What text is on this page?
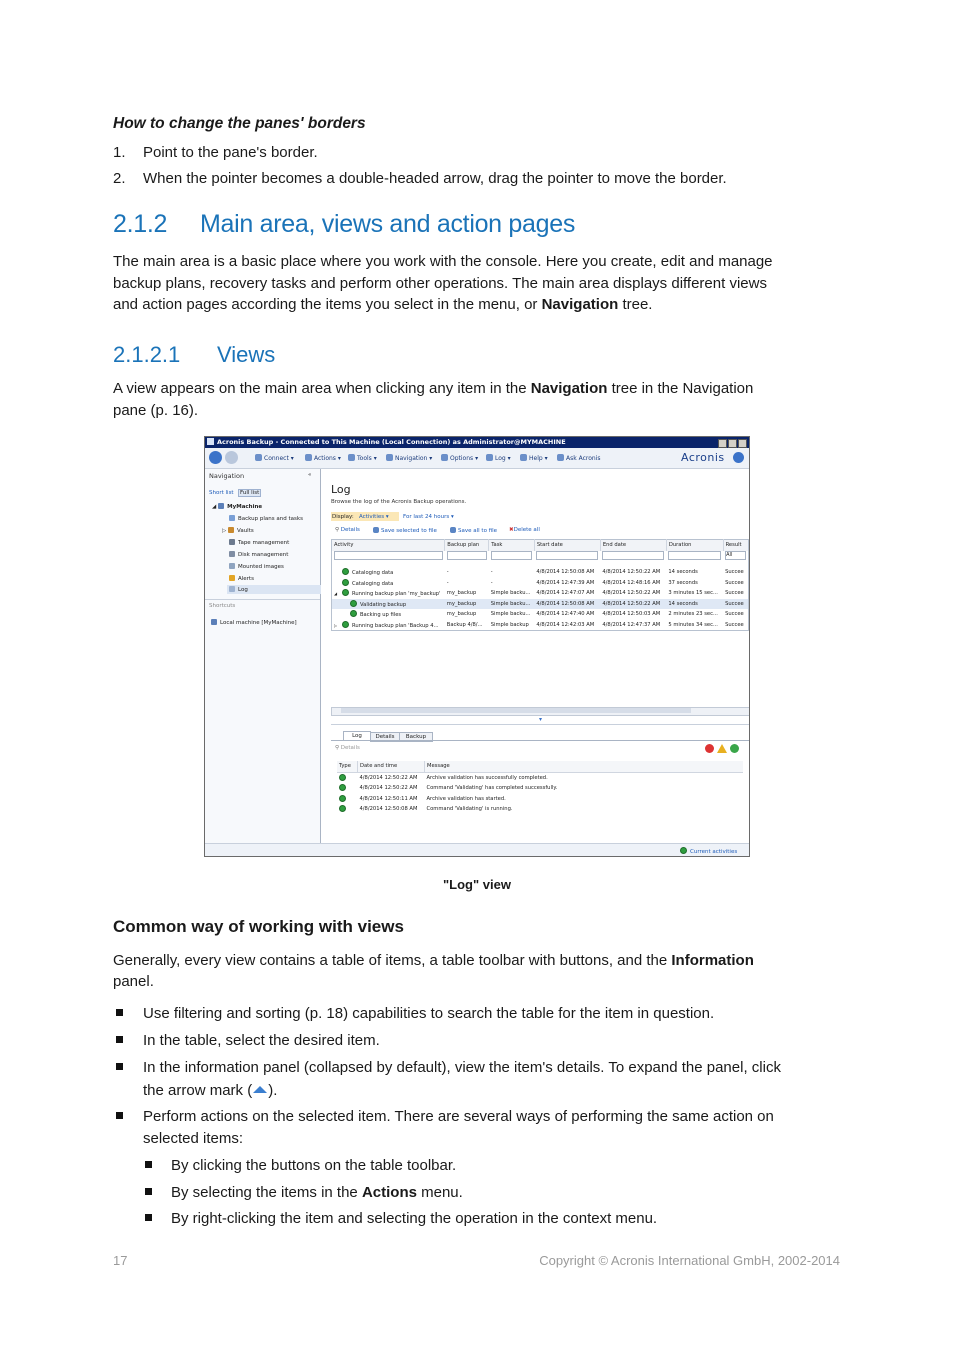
How to change the panes' borders
1. Point to the pane's border.
2. When the pointer becomes a double-headed arrow, drag the pointer to move the border.
2.1.2 Main area, views and action pages
The main area is a basic place where you work with the console. Here you create, edit and manage
backup plans, recovery tasks and perform other operations. The main area displays different views
and action pages according the items you select in the menu, or Navigation tree.
2.1.2.1 Views
A view appears on the main area when clicking any item in the Navigation tree in the Navigation
pane (p. 16).
Acronis Backup - Connected to This Machine (Local Connection) as Administrator@MYMACHINE
Connect ▾	Actions ▾	Tools ▾	Navigation ▾	Options ▾	Log ▾	Help ▾	Ask Acronis	Acronis
Navigation	«
Short list	Full list
◢ MyMachine
Backup plans and tasks
▷ Vaults
Tape management
Disk management
Mounted images
Alerts
Log
Shortcuts
Local machine [MyMachine]
Log
Browse the log of the Acronis Backup operations.
Display: Activities ▾	For last 24 hours ▾
⚲ Details	Save selected to file	Save all to file ✖Delete all
Activity	Backup plan	Task	Start date	End date	Duration	Result

						All

Cataloging data	-	-	4/8/2014 12:50:08 AM	4/8/2014 12:50:22 AM	14 seconds	Succee
Cataloging data	-	-	4/8/2014 12:47:39 AM	4/8/2014 12:48:16 AM	37 seconds	Succee
◢ Running backup plan 'my_backup'	my_backup	Simple backu...	4/8/2014 12:47:07 AM	4/8/2014 12:50:22 AM	3 minutes 15 sec...	Succee
Validating backup	my_backup	Simple backu...	4/8/2014 12:50:08 AM	4/8/2014 12:50:22 AM	14 seconds	Succee
Backing up files	my_backup	Simple backu...	4/8/2014 12:47:40 AM	4/8/2014 12:50:03 AM	2 minutes 23 sec...	Succee
▷ Running backup plan 'Backup 4...	Backup 4/8/...	Simple backup	4/8/2014 12:42:03 AM	4/8/2014 12:47:37 AM	5 minutes 34 sec...	Succee
▾
Log	Details	Backup
⚲ Details
Type	Date and time	Message
	4/8/2014 12:50:22 AM	Archive validation has successfully completed.
	4/8/2014 12:50:22 AM	Command 'Validating' has completed successfully.
	4/8/2014 12:50:11 AM	Archive validation has started.
	4/8/2014 12:50:08 AM	Command 'Validating' is running.
Current activities
"Log" view
Common way of working with views
Generally, every view contains a table of items, a table toolbar with buttons, and the Information
panel.
Use filtering and sorting (p. 18) capabilities to search the table for the item in question.
In the table, select the desired item.
In the information panel (collapsed by default), view the item's details. To expand the panel, click
the arrow mark ( ).
Perform actions on the selected item. There are several ways of performing the same action on
selected items:
By clicking the buttons on the table toolbar.
By selecting the items in the Actions menu.
By right-clicking the item and selecting the operation in the context menu.
17	Copyright © Acronis International GmbH, 2002-2014
